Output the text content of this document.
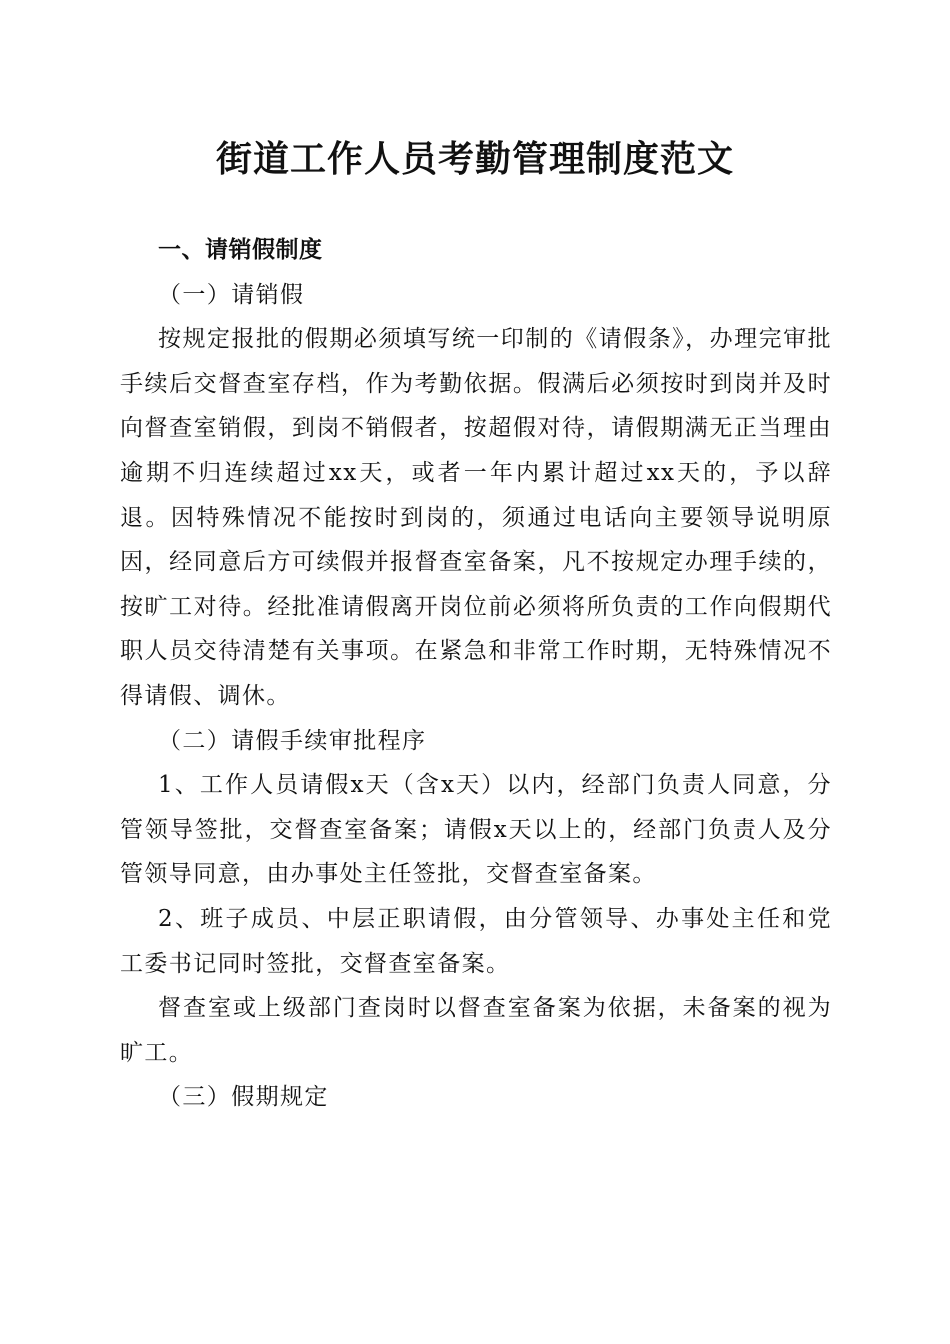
街道工作人员考勤管理制度范文

一、请销假制度

（一）请销假

按规定报批的假期必须填写统一印制的《请假条》，办理完审批手续后交督查室存档，作为考勤依据。假满后必须按时到岗并及时向督查室销假，到岗不销假者，按超假对待，请假期满无正当理由逾期不归连续超过xx天，或者一年内累计超过xx天的，予以辞退。因特殊情况不能按时到岗的，须通过电话向主要领导说明原因，经同意后方可续假并报督查室备案，凡不按规定办理手续的，按旷工对待。经批准请假离开岗位前必须将所负责的工作向假期代职人员交待清楚有关事项。在紧急和非常工作时期，无特殊情况不得请假、调休。

（二）请假手续审批程序

1、工作人员请假x天（含x天）以内，经部门负责人同意，分管领导签批，交督查室备案；请假x天以上的，经部门负责人及分管领导同意，由办事处主任签批，交督查室备案。

2、班子成员、中层正职请假，由分管领导、办事处主任和党工委书记同时签批，交督查室备案。

督查室或上级部门查岗时以督查室备案为依据，未备案的视为旷工。

（三）假期规定
